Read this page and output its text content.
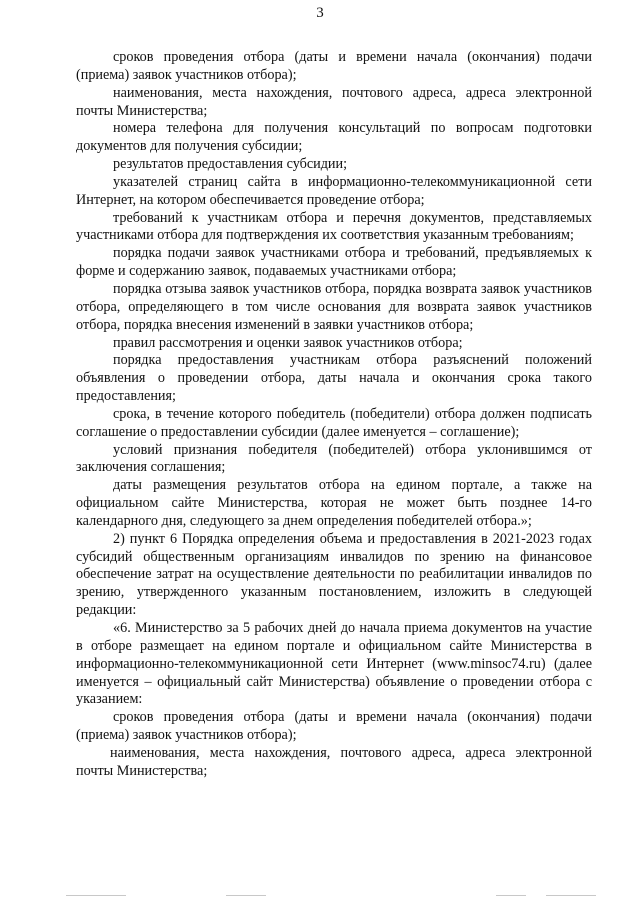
3

сроков проведения отбора (даты и времени начала (окончания) подачи (приема) заявок участников отбора);

наименования, места нахождения, почтового адреса, адреса электронной почты Министерства;

номера телефона для получения консультаций по вопросам подготовки документов для получения субсидии;

результатов предоставления субсидии;

указателей страниц сайта в информационно-телекоммуникационной сети Интернет, на котором обеспечивается проведение отбора;

требований к участникам отбора и перечня документов, представляемых участниками отбора для подтверждения их соответствия указанным требованиям;

порядка подачи заявок участниками отбора и требований, предъявляемых к форме и содержанию заявок, подаваемых участниками отбора;

порядка отзыва заявок участников отбора, порядка возврата заявок участников отбора, определяющего в том числе основания для возврата заявок участников отбора, порядка внесения изменений в заявки участников отбора;

правил рассмотрения и оценки заявок участников отбора;

порядка предоставления участникам отбора разъяснений положений объявления о проведении отбора, даты начала и окончания срока такого предоставления;

срока, в течение которого победитель (победители) отбора должен подписать соглашение о предоставлении субсидии (далее именуется – соглашение);

условий признания победителя (победителей) отбора уклонившимся от заключения соглашения;

даты размещения результатов отбора на едином портале, а также на официальном сайте Министерства, которая не может быть позднее 14-го календарного дня, следующего за днем определения победителей отбора.»;

2) пункт 6 Порядка определения объема и предоставления в 2021-2023 годах субсидий общественным организациям инвалидов по зрению на финансовое обеспечение затрат на осуществление деятельности по реабилитации инвалидов по зрению, утвержденного указанным постановлением, изложить в следующей редакции:

«6. Министерство за 5 рабочих дней до начала приема документов на участие в отборе размещает на едином портале и официальном сайте Министерства в информационно-телекоммуникационной сети Интернет (www.minsoc74.ru) (далее именуется – официальный сайт Министерства) объявление о проведении отбора с указанием:

сроков проведения отбора (даты и времени начала (окончания) подачи (приема) заявок участников отбора);

наименования, места нахождения, почтового адреса, адреса электронной почты Министерства;
